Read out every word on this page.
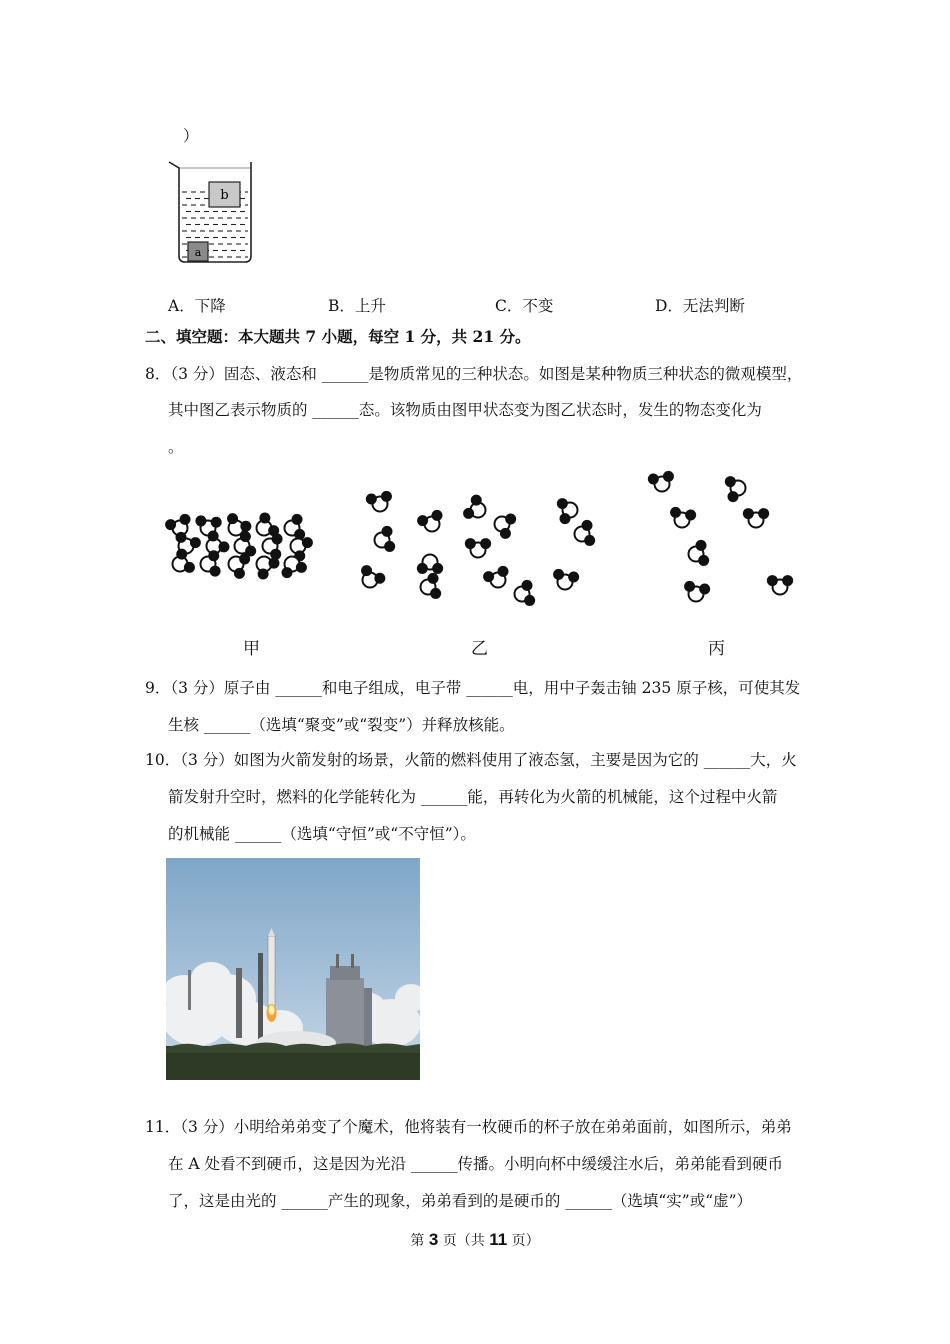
）
b
a
A．下降	B．上升	C．不变	D．无法判断
二、填空题：本大题共 7 小题，每空 1 分，共 21 分。
8．（3 分）固态、液态和 ______是物质常见的三种状态。如图是某种物质三种状态的微观模型，
其中图乙表示物质的 ______态。该物质由图甲状态变为图乙状态时，发生的物态变化为
。
甲	乙	丙
9．（3 分）原子由 ______和电子组成，电子带 ______电，用中子轰击铀 235 原子核，可使其发
生核 ______（选填“聚变”或“裂变”）并释放核能。
10．（3 分）如图为火箭发射的场景，火箭的燃料使用了液态氢，主要是因为它的 ______大，火
箭发射升空时，燃料的化学能转化为 ______能，再转化为火箭的机械能，这个过程中火箭
的机械能 ______（选填“守恒”或“不守恒”）。
11．（3 分）小明给弟弟变了个魔术，他将装有一枚硬币的杯子放在弟弟面前，如图所示，弟弟
在 A 处看不到硬币，这是因为光沿 ______传播。小明向杯中缓缓注水后，弟弟能看到硬币
了，这是由光的 ______产生的现象，弟弟看到的是硬币的 ______（选填“实”或“虚”）
第 3 页（共 11 页）
